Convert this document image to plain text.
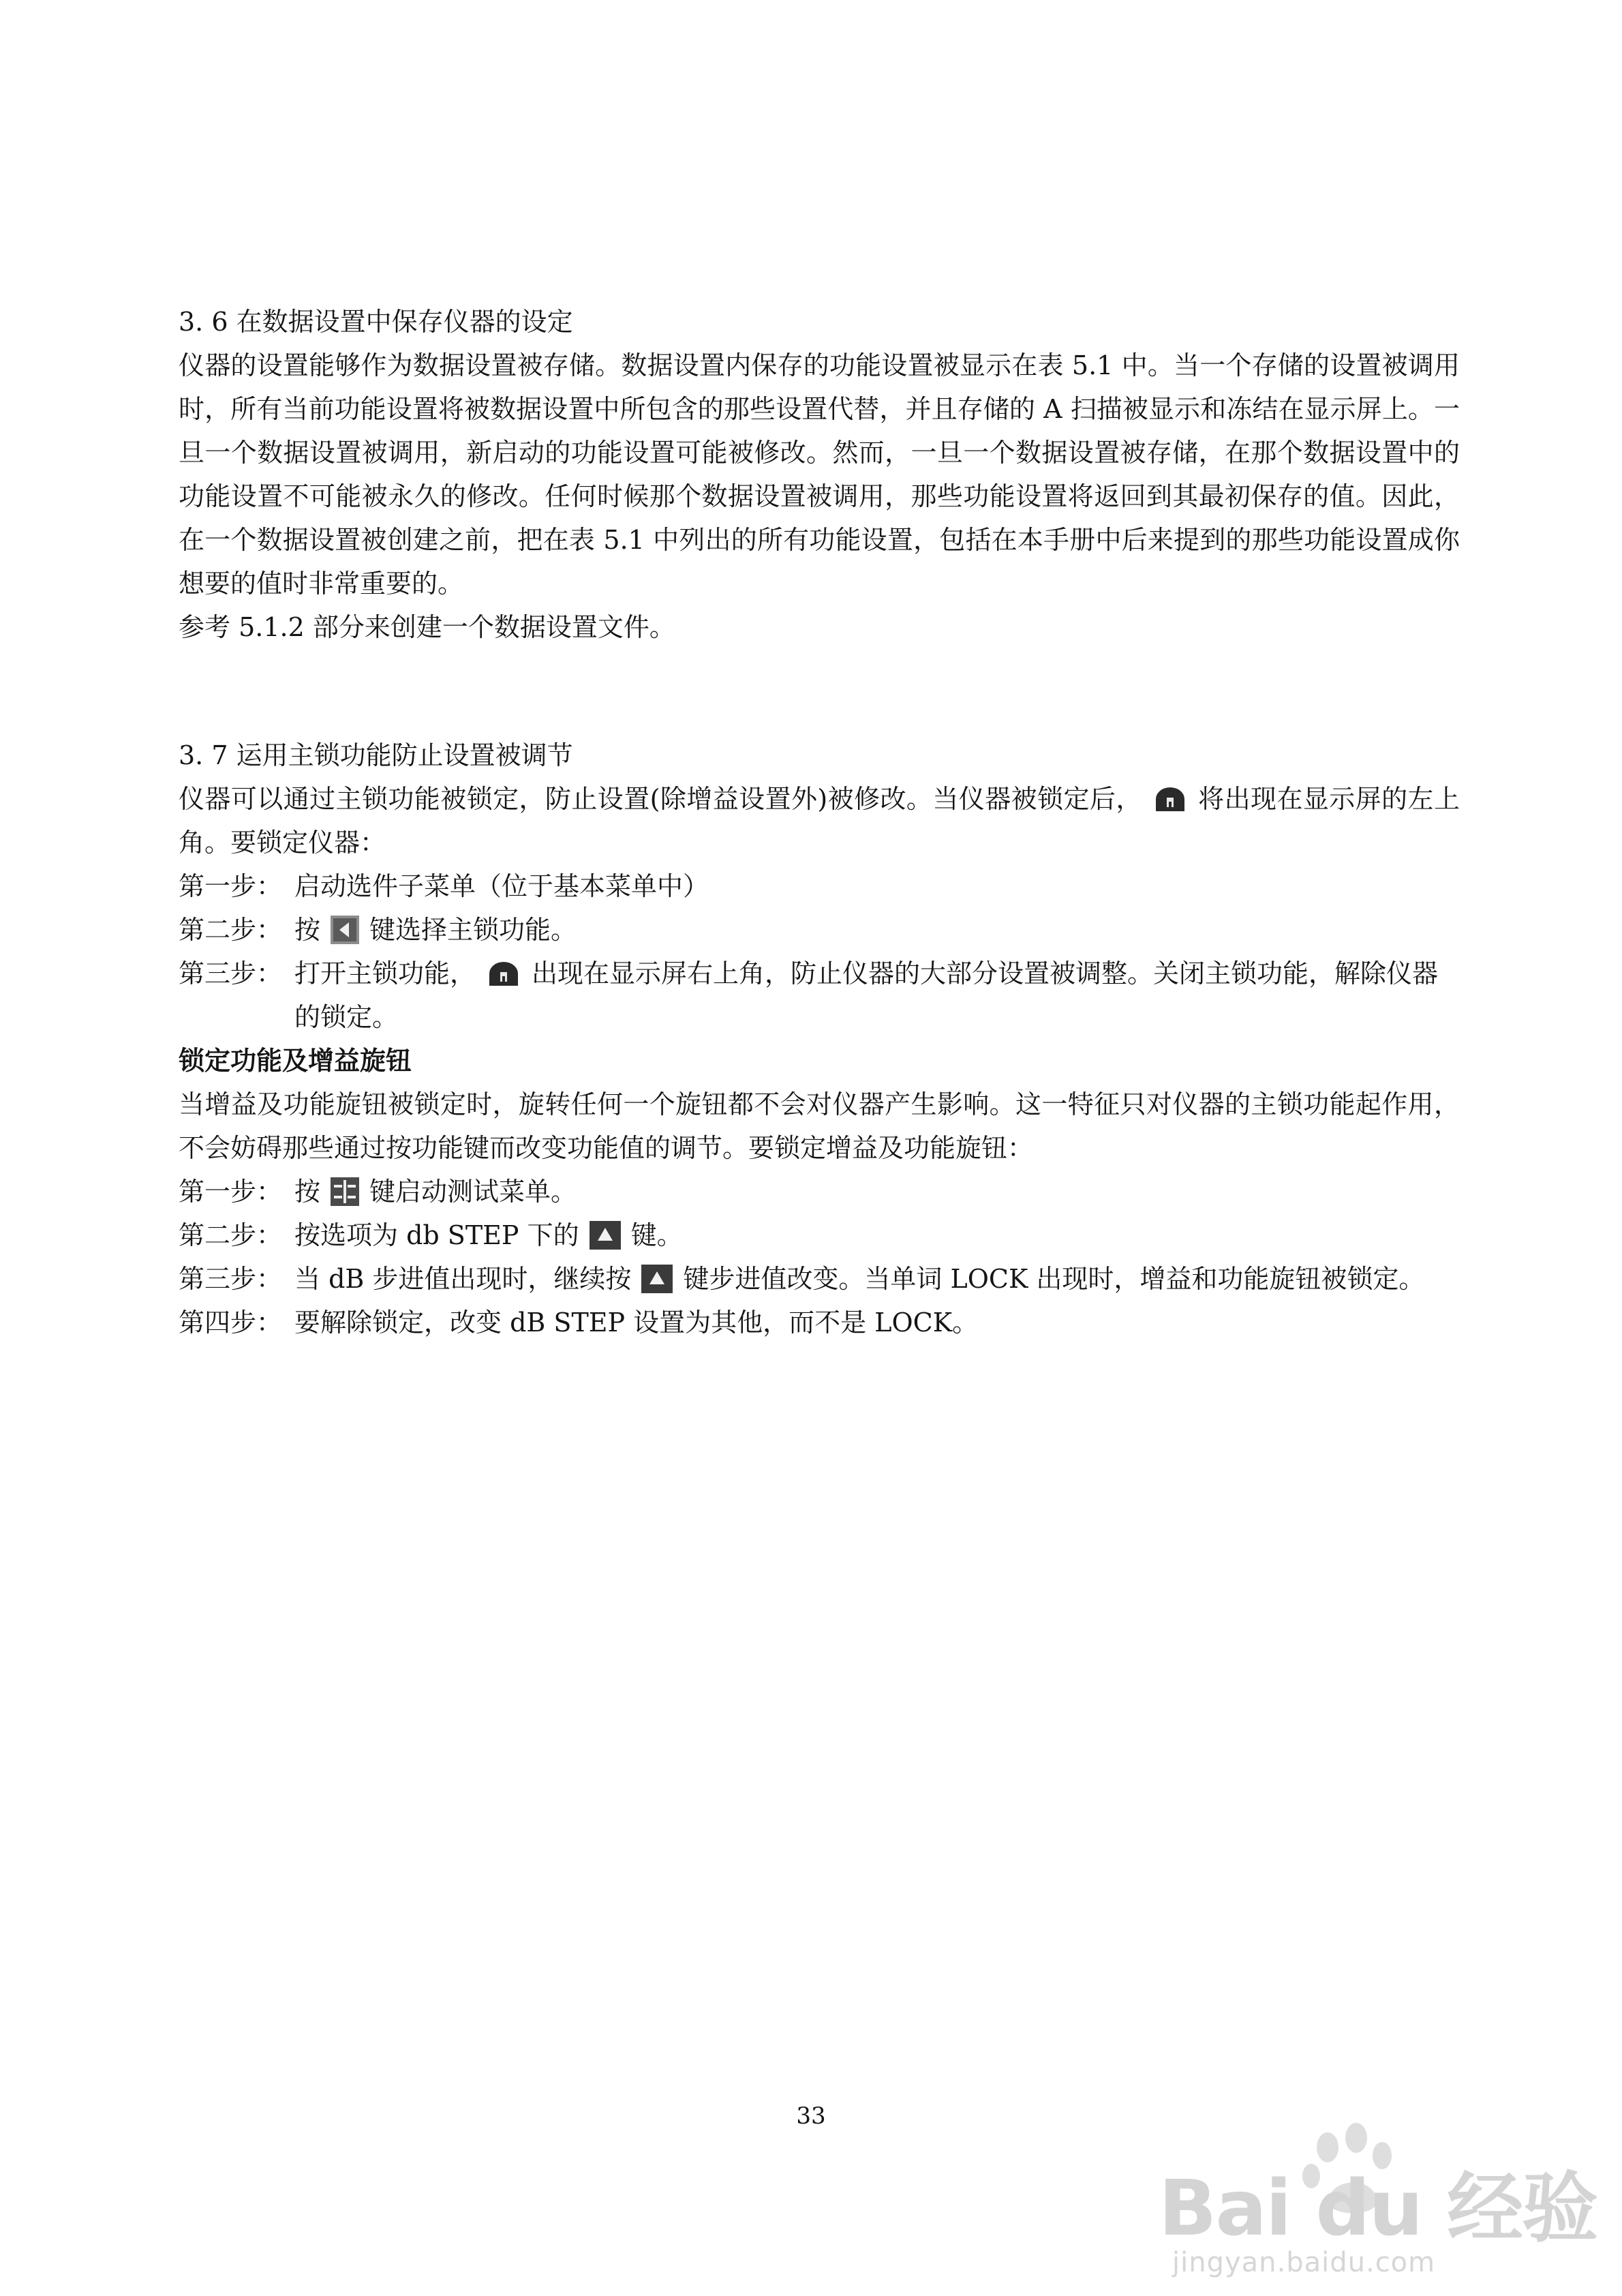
3. 6 在数据设置中保存仪器的设定

仪器的设置能够作为数据设置被存储。数据设置内保存的功能设置被显示在表 5.1 中。当一个存储的设置被调用时，所有当前功能设置将被数据设置中所包含的那些设置代替，并且存储的 A 扫描被显示和冻结在显示屏上。一旦一个数据设置被调用，新启动的功能设置可能被修改。然而，一旦一个数据设置被存储，在那个数据设置中的功能设置不可能被永久的修改。任何时候那个数据设置被调用，那些功能设置将返回到其最初保存的值。因此，在一个数据设置被创建之前，把在表 5.1 中列出的所有功能设置，包括在本手册中后来提到的那些功能设置成你想要的值时非常重要的。

参考 5.1.2 部分来创建一个数据设置文件。

3. 7 运用主锁功能防止设置被调节

仪器可以通过主锁功能被锁定，防止设置(除增益设置外)被修改。当仪器被锁定后， 将出现在显示屏的左上角。要锁定仪器：

第一步： 启动选件子菜单（位于基本菜单中）

第二步： 按 键选择主锁功能。

第三步： 打开主锁功能， 出现在显示屏右上角，防止仪器的大部分设置被调整。关闭主锁功能，解除仪器的锁定。

锁定功能及增益旋钮

当增益及功能旋钮被锁定时，旋转任何一个旋钮都不会对仪器产生影响。这一特征只对仪器的主锁功能起作用，不会妨碍那些通过按功能键而改变功能值的调节。要锁定增益及功能旋钮：

第一步： 按 键启动测试菜单。

第二步： 按选项为 db STEP 下的 键。

第三步： 当 dB 步进值出现时，继续按 键步进值改变。当单词 LOCK 出现时，增益和功能旋钮被锁定。

第四步： 要解除锁定，改变 dB STEP 设置为其他，而不是 LOCK。

33
Bai du 经验
jingyan.baidu.com
